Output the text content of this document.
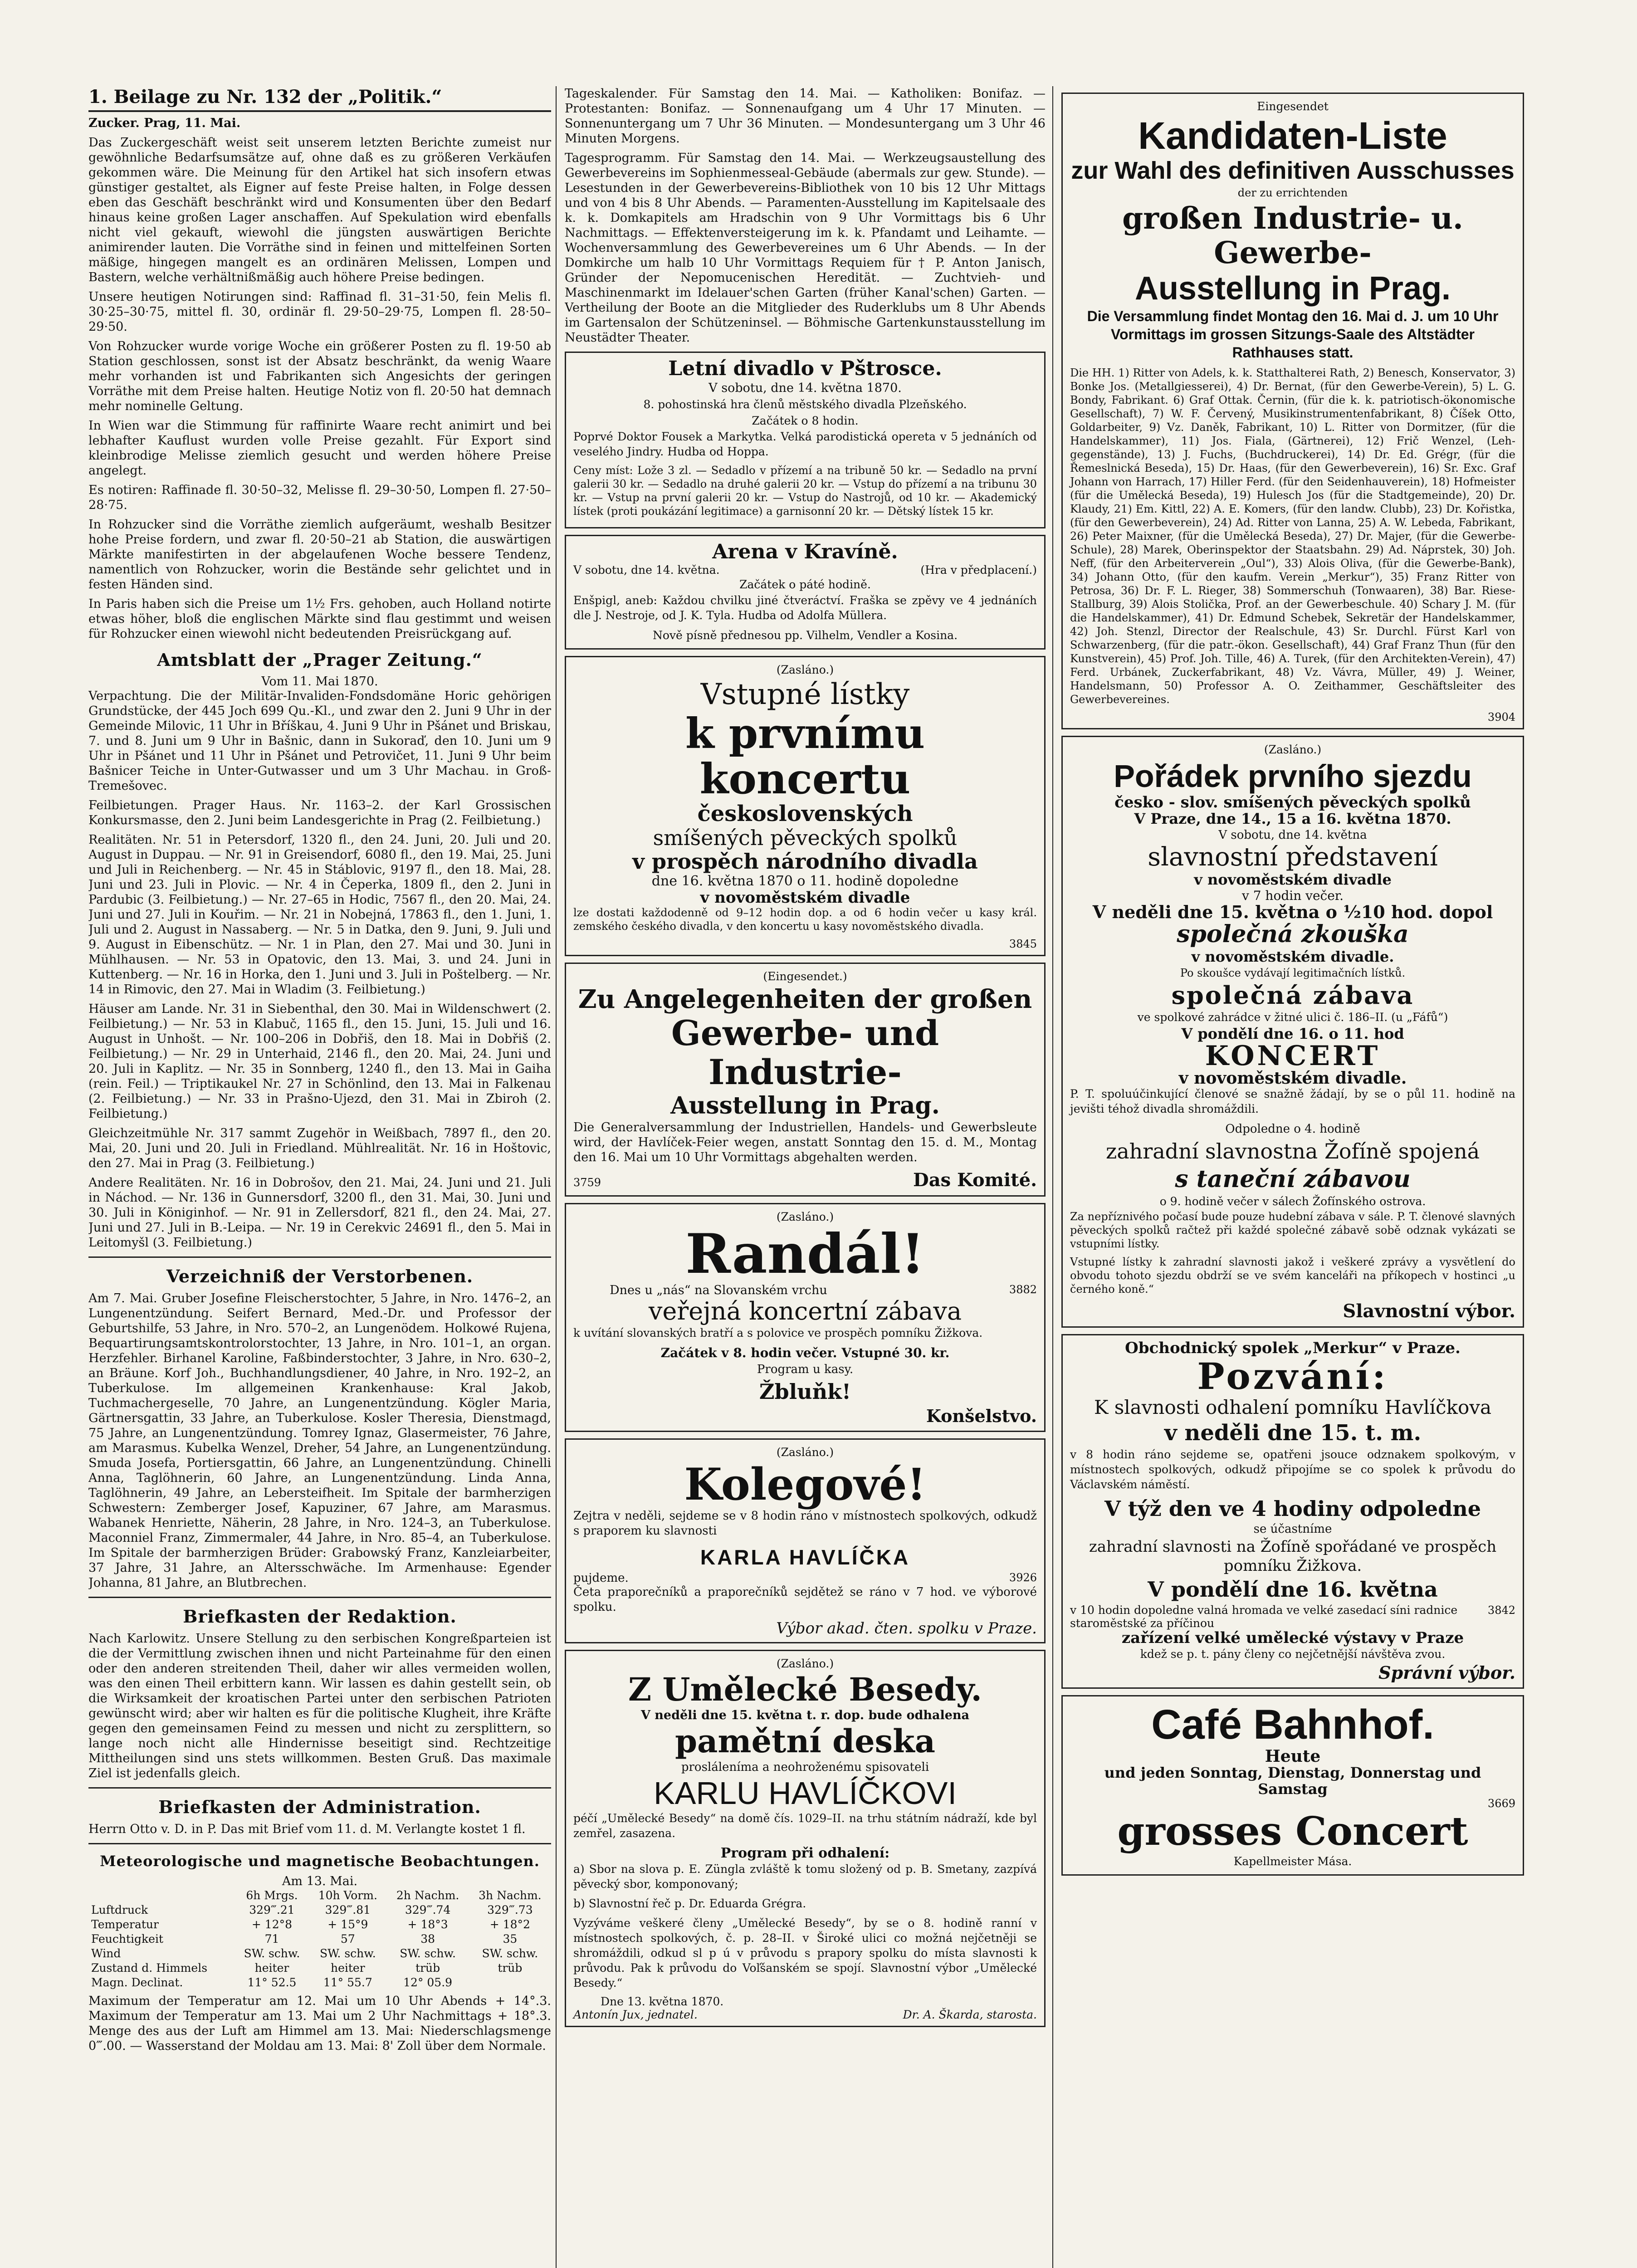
1. Beilage zu Nr. 132 der „Politik.“

Zucker. Prag, 11. Mai.

Das Zuckergeschäft weist seit unserem letzten Berichte zumeist nur gewöhnliche Bedarfsumsätze auf, ohne daß es zu größeren Verkäufen gekommen wäre. Die Meinung für den Artikel hat sich insofern etwas günstiger gestaltet, als Eigner auf feste Preise halten, in Folge dessen eben das Geschäft beschränkt wird und Konsumenten über den Bedarf hinaus keine großen Lager anschaffen. Auf Spekulation wird ebenfalls nicht viel gekauft, wiewohl die jüngsten auswärtigen Berichte animirender lauten. Die Vorräthe sind in feinen und mittelfeinen Sorten mäßige, hingegen mangelt es an ordinären Melissen, Lompen und Bastern, welche verhältnißmäßig auch höhere Preise bedingen.

Unsere heutigen Notirungen sind: Raffinad fl. 31–31·50, fein Melis fl. 30·25–30·75, mittel fl. 30, ordinär fl. 29·50–29·75, Lompen fl. 28·50–29·50.

Von Rohzucker wurde vorige Woche ein größerer Posten zu fl. 19·50 ab Station geschlossen, sonst ist der Absatz beschränkt, da wenig Waare mehr vorhanden ist und Fabrikanten sich Angesichts der geringen Vorräthe mit dem Preise halten. Heutige Notiz von fl. 20·50 hat demnach mehr nominelle Geltung.

In Wien war die Stimmung für raffinirte Waare recht animirt und bei lebhafter Kauflust wurden volle Preise gezahlt. Für Export sind kleinbrodige Melisse ziemlich gesucht und werden höhere Preise angelegt.

Es notiren: Raffinade fl. 30·50–32, Melisse fl. 29–30·50, Lompen fl. 27·50–28·75.

In Rohzucker sind die Vorräthe ziemlich aufgeräumt, weshalb Besitzer hohe Preise fordern, und zwar fl. 20·50–21 ab Station, die auswärtigen Märkte manifestirten in der abgelaufenen Woche bessere Tendenz, namentlich von Rohzucker, worin die Bestände sehr gelichtet und in festen Händen sind.

In Paris haben sich die Preise um 1½ Frs. gehoben, auch Holland notirte etwas höher, bloß die englischen Märkte sind flau gestimmt und weisen für Rohzucker einen wiewohl nicht bedeutenden Preisrückgang auf.

Amtsblatt der „Prager Zeitung.“
Vom 11. Mai 1870.

Verpachtung. Die der Militär-Invaliden-Fondsdomäne Horic gehörigen Grundstücke, der 445 Joch 699 Qu.-Kl., und zwar den 2. Juni 9 Uhr in der Gemeinde Milovic, 11 Uhr in Bříškau, 4. Juni 9 Uhr in Pšánet und Briskau, 7. und 8. Juni um 9 Uhr in Bašnic, dann in Sukoraď, den 10. Juni um 9 Uhr in Pšánet und 11 Uhr in Pšánet und Petrovičet, 11. Juni 9 Uhr beim Bašnicer Teiche in Unter-Gutwasser und um 3 Uhr Machau. in Groß-Tremešovec.

Feilbietungen. Prager Haus. Nr. 1163–2. der Karl Grossischen Konkursmasse, den 2. Juni beim Landesgerichte in Prag (2. Feilbietung.)

Realitäten. Nr. 51 in Petersdorf, 1320 fl., den 24. Juni, 20. Juli und 20. August in Duppau. — Nr. 91 in Greisendorf, 6080 fl., den 19. Mai, 25. Juni und Juli in Reichenberg. — Nr. 45 in Stáblovic, 9197 fl., den 18. Mai, 28. Juni und 23. Juli in Plovic. — Nr. 4 in Čeperka, 1809 fl., den 2. Juni in Pardubic (3. Feilbietung.) — Nr. 27–65 in Hodic, 7567 fl., den 20. Mai, 24. Juni und 27. Juli in Kouřim. — Nr. 21 in Nobejná, 17863 fl., den 1. Juni, 1. Juli und 2. August in Nassaberg. — Nr. 5 in Datka, den 9. Juni, 9. Juli und 9. August in Eibenschütz. — Nr. 1 in Plan, den 27. Mai und 30. Juni in Mühlhausen. — Nr. 53 in Opatovic, den 13. Mai, 3. und 24. Juni in Kuttenberg. — Nr. 16 in Horka, den 1. Juni und 3. Juli in Poštelberg. — Nr. 14 in Rimovic, den 27. Mai in Wladim (3. Feilbietung.)

Häuser am Lande. Nr. 31 in Siebenthal, den 30. Mai in Wildenschwert (2. Feilbietung.) — Nr. 53 in Klabuč, 1165 fl., den 15. Juni, 15. Juli und 16. August in Unhošt. — Nr. 100–206 in Dobřiš, den 18. Mai in Dobřiš (2. Feilbietung.) — Nr. 29 in Unterhaid, 2146 fl., den 20. Mai, 24. Juni und 20. Juli in Kaplitz. — Nr. 35 in Sonnberg, 1240 fl., den 13. Mai in Gaiha (rein. Feil.) — Triptikaukel Nr. 27 in Schönlind, den 13. Mai in Falkenau (2. Feilbietung.) — Nr. 33 in Prašno-Ujezd, den 31. Mai in Zbiroh (2. Feilbietung.)

Gleichzeitmühle Nr. 317 sammt Zugehör in Weißbach, 7897 fl., den 20. Mai, 20. Juni und 20. Juli in Friedland. Mühlrealität. Nr. 16 in Hoštovic, den 27. Mai in Prag (3. Feilbietung.)

Andere Realitäten. Nr. 16 in Dobrošov, den 21. Mai, 24. Juni und 21. Juli in Náchod. — Nr. 136 in Gunnersdorf, 3200 fl., den 31. Mai, 30. Juni und 30. Juli in Königinhof. — Nr. 91 in Zellersdorf, 821 fl., den 24. Mai, 27. Juni und 27. Juli in B.-Leipa. — Nr. 19 in Cerekvic 24691 fl., den 5. Mai in Leitomyšl (3. Feilbietung.)

Verzeichniß der Verstorbenen.

Am 7. Mai. Gruber Josefine Fleischerstochter, 5 Jahre, in Nro. 1476–2, an Lungenentzündung. Seifert Bernard, Med.-Dr. und Professor der Geburtshilfe, 53 Jahre, in Nro. 570–2, an Lungenödem. Holkowé Rujena, Bequartirungsamtskontrolorstochter, 13 Jahre, in Nro. 101–1, an organ. Herzfehler. Birhanel Karoline, Faßbinderstochter, 3 Jahre, in Nro. 630–2, an Bräune. Korf Joh., Buchhandlungsdiener, 40 Jahre, in Nro. 192–2, an Tuberkulose. Im allgemeinen Krankenhause: Kral Jakob, Tuchmachergeselle, 70 Jahre, an Lungenentzündung. Kögler Maria, Gärtnersgattin, 33 Jahre, an Tuberkulose. Kosler Theresia, Dienstmagd, 75 Jahre, an Lungenentzündung. Tomrey Ignaz, Glasermeister, 76 Jahre, am Marasmus. Kubelka Wenzel, Dreher, 54 Jahre, an Lungenentzündung. Smuda Josefa, Portiersgattin, 66 Jahre, an Lungenentzündung. Chinelli Anna, Taglöhnerin, 60 Jahre, an Lungenentzündung. Linda Anna, Taglöhnerin, 49 Jahre, an Lebersteifheit. Im Spitale der barmherzigen Schwestern: Zemberger Josef, Kapuziner, 67 Jahre, am Marasmus. Wabanek Henriette, Näherin, 28 Jahre, in Nro. 124–3, an Tuberkulose. Maconniel Franz, Zimmermaler, 44 Jahre, in Nro. 85–4, an Tuberkulose. Im Spitale der barmherzigen Brüder: Grabowský Franz, Kanzleiarbeiter, 37 Jahre, 31 Jahre, an Altersschwäche. Im Armenhause: Egender Johanna, 81 Jahre, an Blutbrechen.

Briefkasten der Redaktion.

Nach Karlowitz. Unsere Stellung zu den serbischen Kongreßparteien ist die der Vermittlung zwischen ihnen und nicht Parteinahme für den einen oder den anderen streitenden Theil, daher wir alles vermeiden wollen, was den einen Theil erbittern kann. Wir lassen es dahin gestellt sein, ob die Wirksamkeit der kroatischen Partei unter den serbischen Patrioten gewünscht wird; aber wir halten es für die politische Klugheit, ihre Kräfte gegen den gemeinsamen Feind zu messen und nicht zu zersplittern, so lange noch nicht alle Hindernisse beseitigt sind. Rechtzeitige Mittheilungen sind uns stets willkommen. Besten Gruß. Das maximale Ziel ist jedenfalls gleich.

Briefkasten der Administration.

Herrn Otto v. D. in P. Das mit Brief vom 11. d. M. Verlangte kostet 1 fl.

Meteorologische und magnetische Beobachtungen.
Am 13. Mai.
	6h Mrgs.	10h Vorm.	2h Nachm.	3h Nachm.
Luftdruck	329‴.21	329‴.81	329‴.74	329‴.73
Temperatur	+ 12°8	+ 15°9	+ 18°3	+ 18°2
Feuchtigkeit	71	57	38	35
Wind	SW. schw.	SW. schw.	SW. schw.	SW. schw.
Zustand d. Himmels	heiter	heiter	trüb	trüb
Magn. Declinat.	11° 52.5	11° 55.7	12° 05.9	

Maximum der Temperatur am 12. Mai um 10 Uhr Abends + 14°.3. Maximum der Temperatur am 13. Mai um 2 Uhr Nachmittags + 18°.3. Menge des aus der Luft am Himmel am 13. Mai: Niederschlagsmenge 0‴.00. — Wasserstand der Moldau am 13. Mai: 8' Zoll über dem Normale.

Tageskalender. Für Samstag den 14. Mai. — Katholiken: Bonifaz. — Protestanten: Bonifaz. — Sonnenaufgang um 4 Uhr 17 Minuten. — Sonnenuntergang um 7 Uhr 36 Minuten. — Mondesuntergang um 3 Uhr 46 Minuten Morgens.

Tagesprogramm. Für Samstag den 14. Mai. — Werkzeugsaustellung des Gewerbevereins im Sophienmesseal-Gebäude (abermals zur gew. Stunde). — Lesestunden in der Gewerbevereins-Bibliothek von 10 bis 12 Uhr Mittags und von 4 bis 8 Uhr Abends. — Paramenten-Ausstellung im Kapitelsaale des k. k. Domkapitels am Hradschin von 9 Uhr Vormittags bis 6 Uhr Nachmittags. — Effektenversteigerung im k. k. Pfandamt und Leihamte. — Wochenversammlung des Gewerbevereines um 6 Uhr Abends. — In der Domkirche um halb 10 Uhr Vormittags Requiem für † P. Anton Janisch, Gründer der Nepomucenischen Heredität. — Zuchtvieh- und Maschinenmarkt im Idelauer'schen Garten (früher Kanal'schen) Garten. — Vertheilung der Boote an die Mitglieder des Ruderklubs um 8 Uhr Abends im Gartensalon der Schützeninsel. — Böhmische Gartenkunstausstellung im Neustädter Theater.

Letní divadlo v Pštrosce.
V sobotu, dne 14. května 1870.
8. pohostinská hra členů městského divadla Plzeňského.
Začátek o 8 hodin.

Poprvé Doktor Fousek a Markytka. Velká parodistická opereta v 5 jednáních od veselého Jindry. Hudba od Hoppa.

Ceny míst: Lože 3 zl. — Sedadlo v přízemí a na tribuně 50 kr. — Sedadlo na první galerii 30 kr. — Sedadlo na druhé galerii 20 kr. — Vstup do přízemí a na tribunu 30 kr. — Vstup na první galerii 20 kr. — Vstup do Nastrojů, od 10 kr. — Akademický lístek (proti poukázání legitimace) a garnisonní 20 kr. — Dětský lístek 15 kr.

Arena v Kravíně.
V sobotu, dne 14. května.	(Hra v předplacení.)
Začátek o páté hodině.

Enšpigl, aneb: Každou chvilku jiné čtveráctví. Fraška se zpěvy ve 4 jednáních dle J. Nestroje, od J. K. Tyla. Hudba od Adolfa Müllera.

Nově písně přednesou pp. Vilhelm, Vendler a Kosina.
(Zasláno.)
Vstupné lístky
k prvnímu koncertu
československých
smíšených pěveckých spolků
v prospěch národního divadla
dne 16. května 1870 o 11. hodině dopoledne
v novoměstském divadle

lze dostati každodenně od 9–12 hodin dop. a od 6 hodin večer u kasy král. zemského českého divadla, v den koncertu u kasy novoměstského divadla.

3845
(Eingesendet.)
Zu Angelegenheiten der großen
Gewerbe- und Industrie-
Ausstellung in Prag.

Die Generalversammlung der Industriellen, Handels- und Gewerbsleute wird, der Havlíček-Feier wegen, anstatt Sonntag den 15. d. M., Montag den 16. Mai um 10 Uhr Vormittags abgehalten werden.

3759	Das Komité.
(Zasláno.)
Randál!
Dnes u „nás“ na Slovanském vrchu	3882
veřejná koncertní zábava

k uvítání slovanských bratří a s polovice ve prospěch pomníku Žižkova.

Začátek v 8. hodin večer. Vstupné 30. kr.
Program u kasy.
Žbluňk!
Konšelstvo.
(Zasláno.)
Kolegové!

Zejtra v neděli, sejdeme se v 8 hodin ráno v místnostech spolkových, odkudž s praporem ku slavnosti

KARLA HAVLÍČKA
pujdeme.	3926

Četa praporečníků a praporečníků sejdětež se ráno v 7 hod. ve výborové spolku.

Výbor akad. čten. spolku v Praze.
(Zasláno.)
Z Umělecké Besedy.
V neděli dne 15. května t. r. dop. bude odhalena
pamětní deska
prosláleníma a neohroženému spisovateli
KARLU HAVLÍČKOVI

péčí „Umělecké Besedy“ na domě čís. 1029–II. na trhu státním nádraží, kde byl zemřel, zasazena.

Program při odhalení:

a) Sbor na slova p. E. Züngla zvláště k tomu složený od p. B. Smetany, zazpívá pěvecký sbor, komponovaný;

b) Slavnostní řeč p. Dr. Eduarda Grégra.

Vyzýváme veškeré členy „Umělecké Besedy“, by se o 8. hodině ranní v místnostech spolkových, č. p. 28–II. v Široké ulici co možná nejčetněji se shromáždili, odkud sl p ú v průvodu s prapory spolku do místa slavnosti k průvodu. Pak k průvodu do Voľšanském se spojí. Slavnostní výbor „Umělecké Besedy.“

Dne 13. května 1870.
Antonín Jux, jednatel.	Dr. A. Škarda, starosta.
Eingesendet
Kandidaten-Liste
zur Wahl des definitiven Ausschusses
der zu errichtenden
großen Industrie- u. Gewerbe-
Ausstellung in Prag.

Die Versammlung findet Montag den 16. Mai d. J. um 10 Uhr Vormittags im grossen Sitzungs-Saale des Altstädter Rathhauses statt.

Die HH. 1) Ritter von Adels, k. k. Statthalterei Rath, 2) Benesch, Konservator, 3) Bonke Jos. (Metallgiesserei), 4) Dr. Bernat, (für den Gewerbe-Verein), 5) L. G. Bondy, Fabrikant. 6) Graf Ottak. Černin, (für die k. k. patriotisch-ökonomische Gesellschaft), 7) W. F. Červený, Musikinstrumentenfabrikant, 8) Číšek Otto, Goldarbeiter, 9) Vz. Daněk, Fabrikant, 10) L. Ritter von Dormitzer, (für die Handelskammer), 11) Jos. Fiala, (Gärtnerei), 12) Frič Wenzel, (Leh-gegenstände), 13) J. Fuchs, (Buchdruckerei), 14) Dr. Ed. Grégr, (für die Řemeslnická Beseda), 15) Dr. Haas, (für den Gewerbeverein), 16) Sr. Exc. Graf Johann von Harrach, 17) Hiller Ferd. (für den Seidenhauverein), 18) Hofmeister (für die Umělecká Beseda), 19) Hulesch Jos (für die Stadtgemeinde), 20) Dr. Klaudy, 21) Em. Kittl, 22) A. E. Komers, (für den landw. Clubb), 23) Dr. Kořistka, (für den Gewerbeverein), 24) Ad. Ritter von Lanna, 25) A. W. Lebeda, Fabrikant, 26) Peter Maixner, (für die Umělecká Beseda), 27) Dr. Majer, (für die Gewerbe-Schule), 28) Marek, Oberinspektor der Staatsbahn. 29) Ad. Náprstek, 30) Joh. Neff, (für den Arbeiterverein „Oul“), 33) Alois Oliva, (für die Gewerbe-Bank), 34) Johann Otto, (für den kaufm. Verein „Merkur“), 35) Franz Ritter von Petrosa, 36) Dr. F. L. Rieger, 38) Sommerschuh (Tonwaaren), 38) Bar. Riese-Stallburg, 39) Alois Stolička, Prof. an der Gewerbeschule. 40) Schary J. M. (für die Handelskammer), 41) Dr. Edmund Schebek, Sekretär der Handelskammer, 42) Joh. Stenzl, Director der Realschule, 43) Sr. Durchl. Fürst Karl von Schwarzenberg, (für die patr.-ökon. Gesellschaft), 44) Graf Franz Thun (für den Kunstverein), 45) Prof. Joh. Tille, 46) A. Turek, (für den Architekten-Verein), 47) Ferd. Urbánek, Zuckerfabrikant, 48) Vz. Vávra, Müller, 49) J. Weiner, Handelsmann, 50) Professor A. O. Zeithammer, Geschäftsleiter des Gewerbevereines.

3904
(Zasláno.)
Pořádek prvního sjezdu
česko - slov. smíšených pěveckých spolků
V Praze, dne 14., 15 a 16. května 1870.
V sobotu, dne 14. května
slavnostní představení
v novoměstském divadle
v 7 hodin večer.
V neděli dne 15. května o ½10 hod. dopol
společná zkouška
v novoměstském divadle.
Po skoušce vydávají legitimačních lístků.
společná zábava
ve spolkové zahrádce v žitné ulici č. 186–II. (u „Fáfů“)
V pondělí dne 16. o 11. hod
KONCERT
v novoměstském divadle.

P. T. spoluúčinkující členové se snažně žádají, by se o půl 11. hodině na jevišti téhož divadla shromáždili.

Odpoledne o 4. hodině
zahradní slavnostna Žofíně spojená
s taneční zábavou
o 9. hodině večer v sálech Žofínského ostrova.

Za nepříznivého počasí bude pouze hudební zábava v sále. P. T. členové slavných pěveckých spolků račtež při každé společné zábavě sobě odznak vykázati se vstupními lístky.

Vstupné lístky k zahradní slavnosti jakož i veškeré zprávy a vysvětlení do obvodu tohoto sjezdu obdrží se ve svém kanceláři na příkopech v hostinci „u černého koně.“

Slavnostní výbor.
Obchodnický spolek „Merkur“ v Praze.
Pozvání:
K slavnosti odhalení pomníku Havlíčkova
v neděli dne 15. t. m.

v 8 hodin ráno sejdeme se, opatřeni jsouce odznakem spolkovým, v místnostech spolkových, odkudž připojíme se co spolek k průvodu do Václavském náměstí.

V týž den ve 4 hodiny odpoledne
se účastníme
zahradní slavnosti na Žofíně spořádané ve prospěch pomníku Žižkova.
V pondělí dne 16. května
v 10 hodin dopoledne valná hromada ve velké zasedací síni radnice staroměstské za příčinou
3842
zařízení velké umělecké výstavy v Praze
kdež se p. t. pány členy co nejčetnější návštěva zvou.
Správní výbor.
Café Bahnhof.
Heute
und jeden Sonntag, Dienstag, Donnerstag und Samstag
3669
grosses Concert
Kapellmeister Mása.
